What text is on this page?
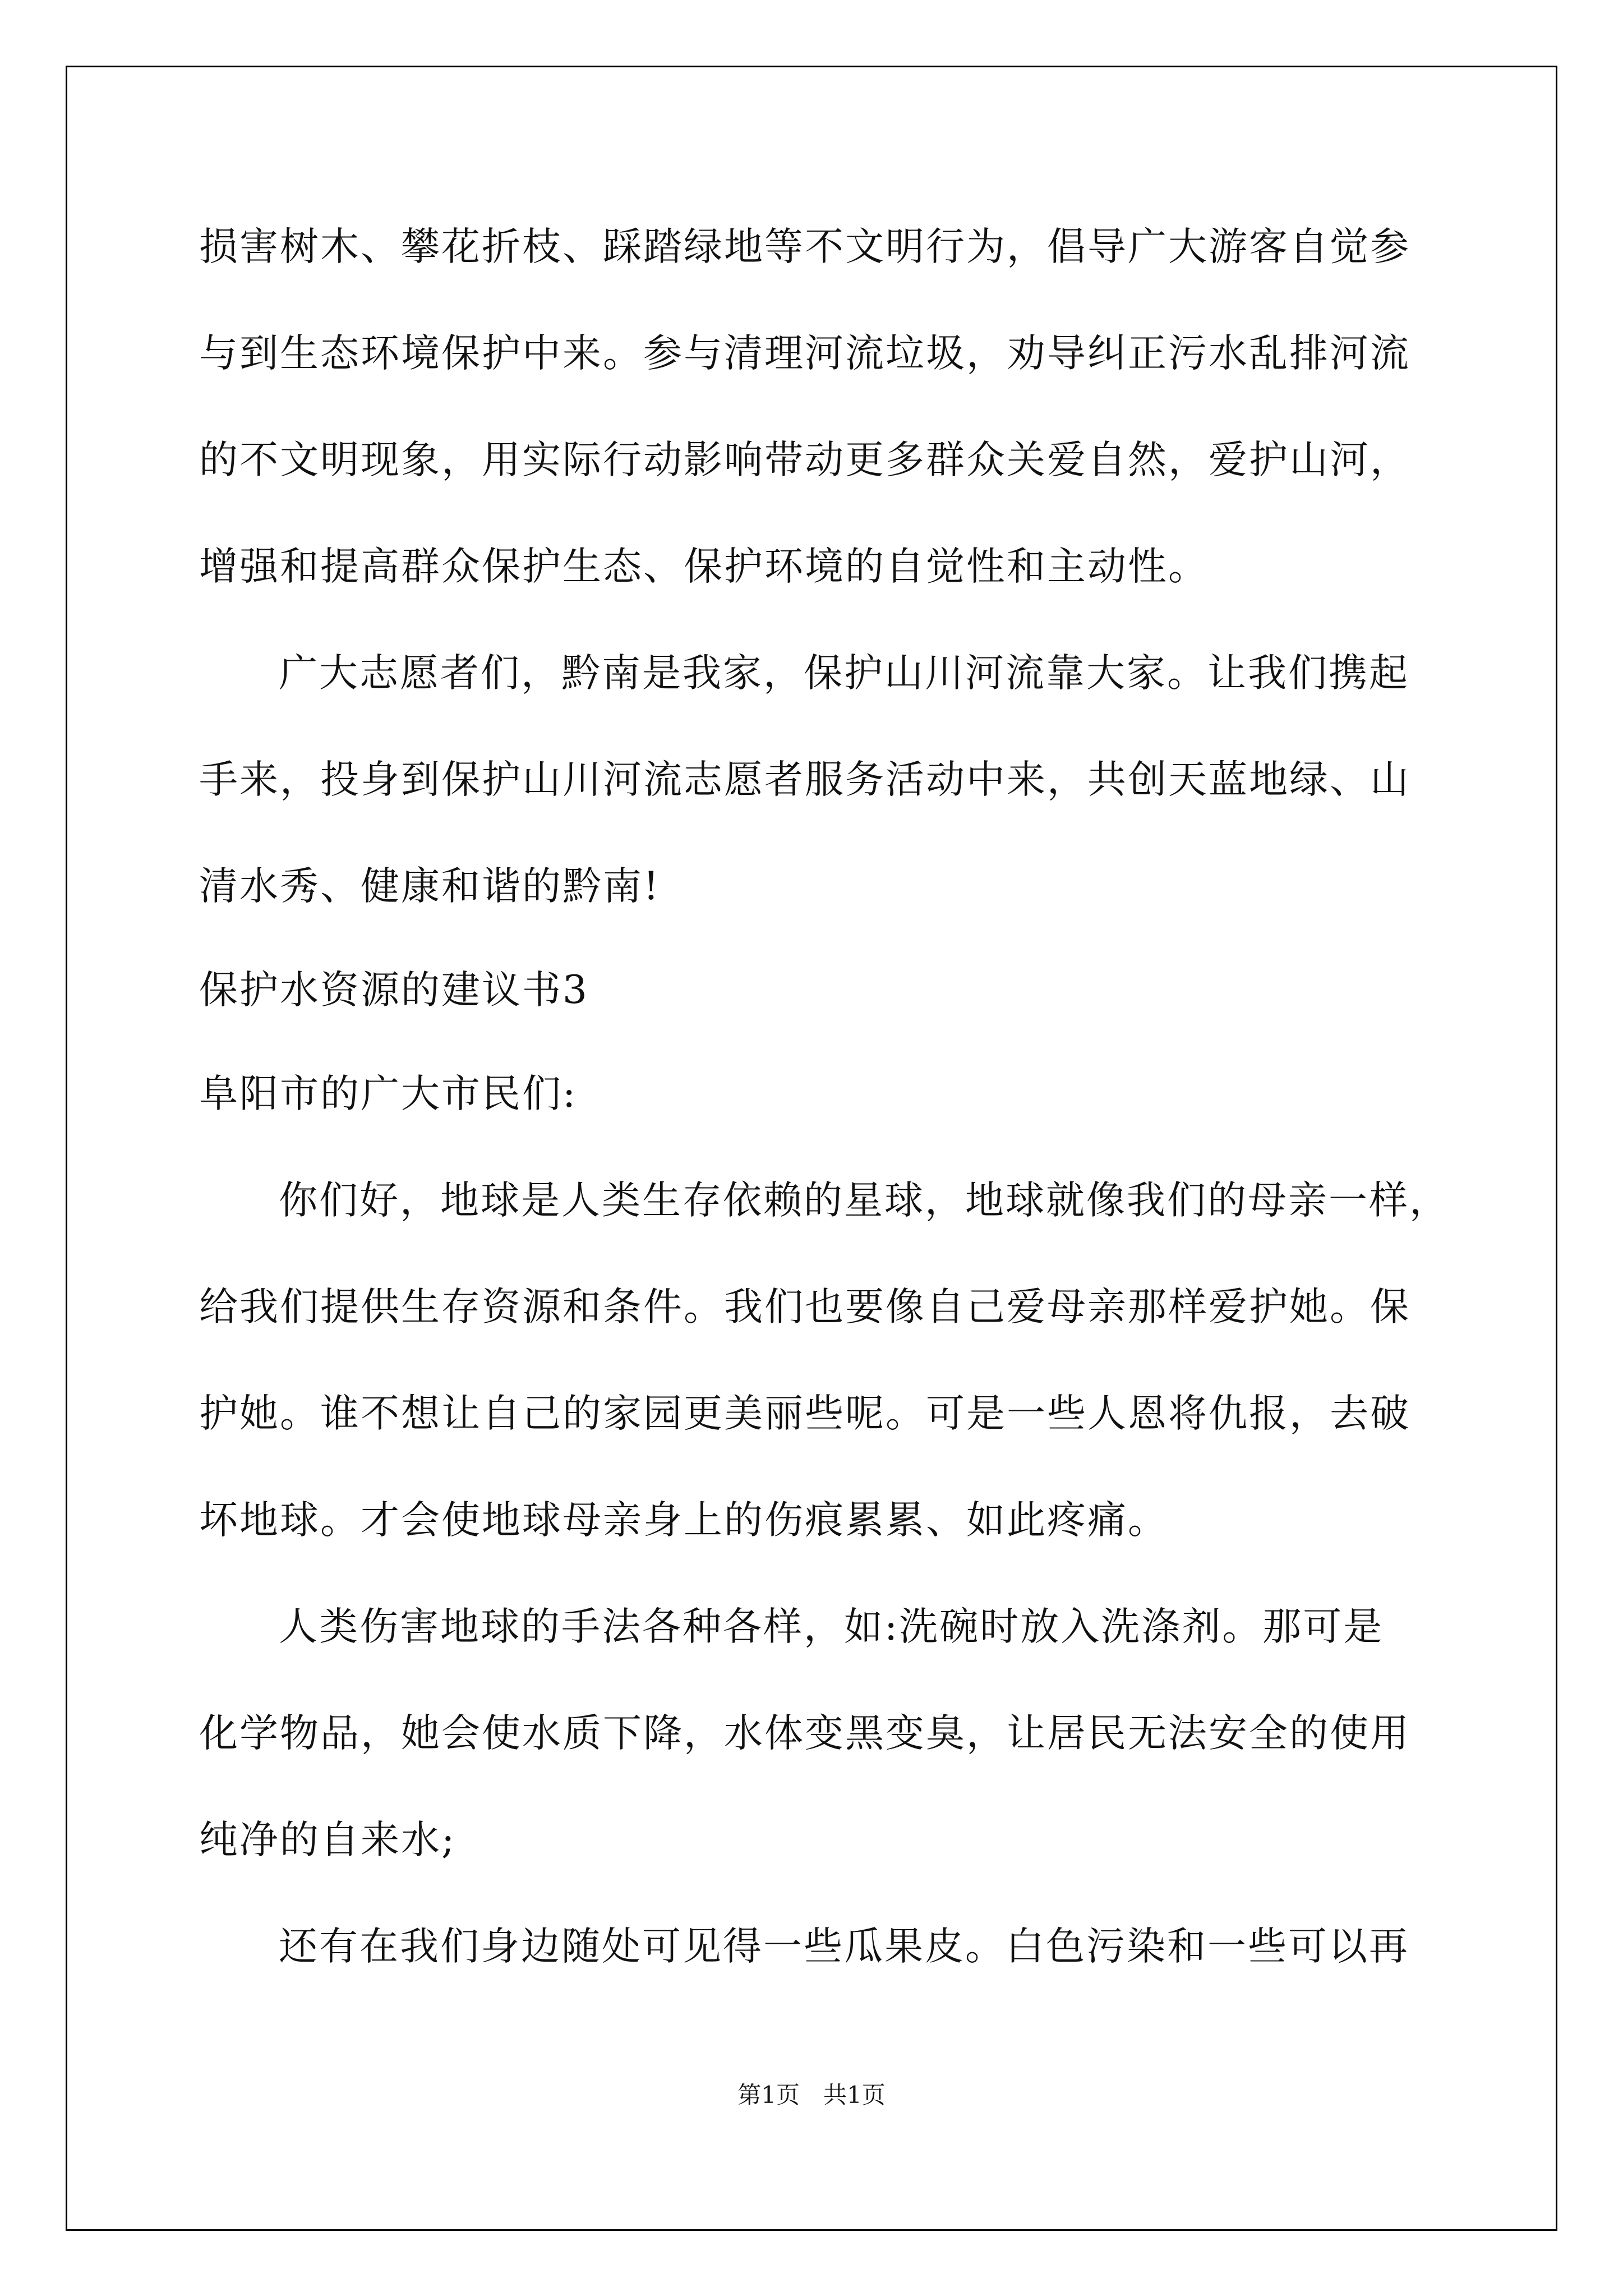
损害树木、攀花折枝、踩踏绿地等不文明行为，倡导广大游客自觉参
与到生态环境保护中来。参与清理河流垃圾，劝导纠正污水乱排河流
的不文明现象，用实际行动影响带动更多群众关爱自然，爱护山河，
增强和提高群众保护生态、保护环境的自觉性和主动性。
广大志愿者们，黔南是我家，保护山川河流靠大家。让我们携起
手来，投身到保护山川河流志愿者服务活动中来，共创天蓝地绿、山
清水秀、健康和谐的黔南!
保护水资源的建议书3
阜阳市的广大市民们:
你们好，地球是人类生存依赖的星球，地球就像我们的母亲一样，
给我们提供生存资源和条件。我们也要像自己爱母亲那样爱护她。保
护她。谁不想让自己的家园更美丽些呢。可是一些人恩将仇报，去破
坏地球。才会使地球母亲身上的伤痕累累、如此疼痛。
人类伤害地球的手法各种各样，如:洗碗时放入洗涤剂。那可是
化学物品，她会使水质下降，水体变黑变臭，让居民无法安全的使用
纯净的自来水;
还有在我们身边随处可见得一些瓜果皮。白色污染和一些可以再
第1页　共1页
